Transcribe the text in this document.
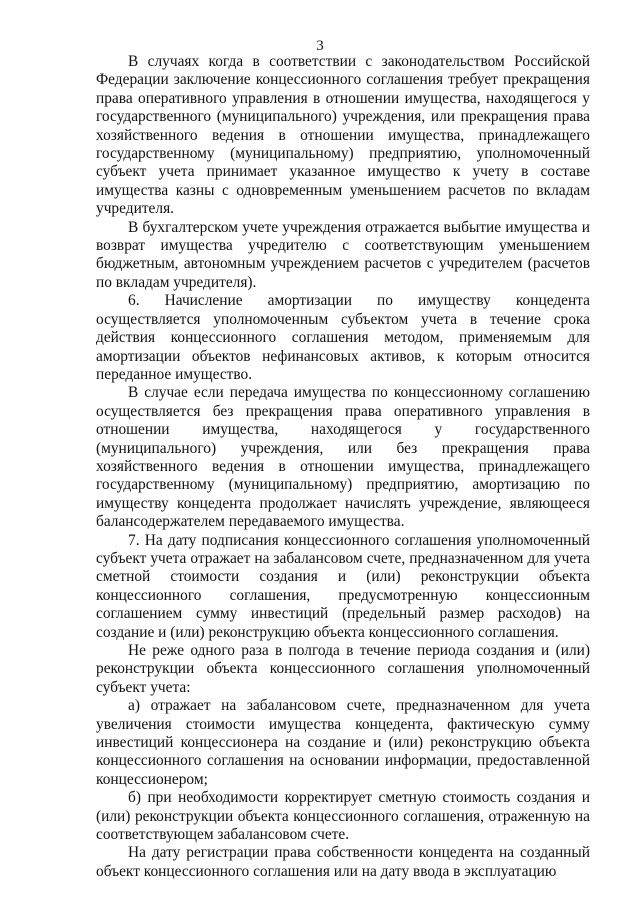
3

В случаях когда в соответствии с законодательством Российской Федерации заключение концессионного соглашения требует прекращения права оперативного управления в отношении имущества, находящегося у государственного (муниципального) учреждения, или прекращения права хозяйственного ведения в отношении имущества, принадлежащего государственному (муниципальному) предприятию, уполномоченный субъект учета принимает указанное имущество к учету в составе имущества казны с одновременным уменьшением расчетов по вкладам учредителя.

В бухгалтерском учете учреждения отражается выбытие имущества и возврат имущества учредителю с соответствующим уменьшением бюджетным, автономным учреждением расчетов с учредителем (расчетов по вкладам учредителя).

6. Начисление амортизации по имуществу концедента осуществляется уполномоченным субъектом учета в течение срока действия концессионного соглашения методом, применяемым для амортизации объектов нефинансовых активов, к которым относится переданное имущество.

В случае если передача имущества по концессионному соглашению осуществляется без прекращения права оперативного управления в отношении имущества, находящегося у государственного (муниципального) учреждения, или без прекращения права хозяйственного ведения в отношении имущества, принадлежащего государственному (муниципальному) предприятию, амортизацию по имуществу концедента продолжает начислять учреждение, являющееся балансодержателем передаваемого имущества.

7. На дату подписания концессионного соглашения уполномоченный субъект учета отражает на забалансовом счете, предназначенном для учета сметной стоимости создания и (или) реконструкции объекта концессионного соглашения, предусмотренную концессионным соглашением сумму инвестиций (предельный размер расходов) на создание и (или) реконструкцию объекта концессионного соглашения.

Не реже одного раза в полгода в течение периода создания и (или) реконструкции объекта концессионного соглашения уполномоченный субъект учета:

а) отражает на забалансовом счете, предназначенном для учета увеличения стоимости имущества концедента, фактическую сумму инвестиций концессионера на создание и (или) реконструкцию объекта концессионного соглашения на основании информации, предоставленной концессионером;

б) при необходимости корректирует сметную стоимость создания и (или) реконструкции объекта концессионного соглашения, отраженную на соответствующем забалансовом счете.

На дату регистрации права собственности концедента на созданный объект концессионного соглашения или на дату ввода в эксплуатацию
